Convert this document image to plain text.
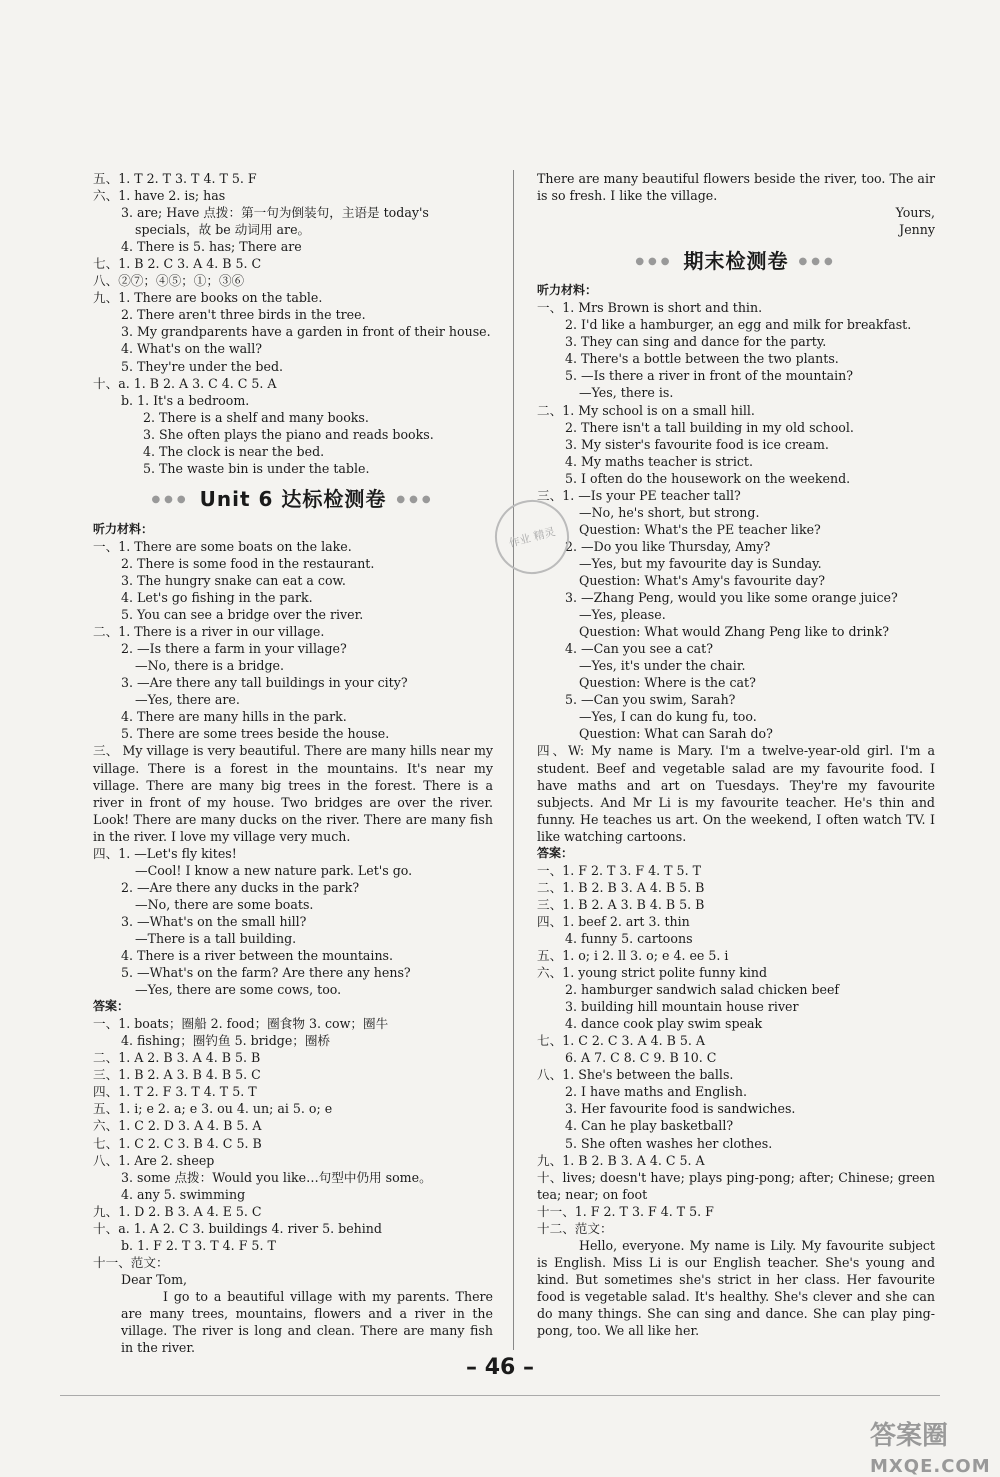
五、1. T 2. T 3. T 4. T 5. F
六、1. have 2. is; has
3. are; Have 点拨：第一句为倒装句，主语是 today's
specials，故 be 动词用 are。
4. There is 5. has; There are
七、1. B 2. C 3. A 4. B 5. C
八、②⑦；④⑤；①；③⑥
九、1. There are books on the table.
2. There aren't three birds in the tree.
3. My grandparents have a garden in front of their house.
4. What's on the wall?
5. They're under the bed.
十、a. 1. B 2. A 3. C 4. C 5. A
b. 1. It's a bedroom.
2. There is a shelf and many books.
3. She often plays the piano and reads books.
4. The clock is near the bed.
5. The waste bin is under the table.
●●● Unit 6 达标检测卷 ●●●
听力材料：
一、1. There are some boats on the lake.
2. There is some food in the restaurant.
3. The hungry snake can eat a cow.
4. Let's go fishing in the park.
5. You can see a bridge over the river.
二、1. There is a river in our village.
2. —Is there a farm in your village?
—No, there is a bridge.
3. —Are there any tall buildings in your city?
—Yes, there are.
4. There are many hills in the park.
5. There are some trees beside the house.
三、 My village is very beautiful. There are many hills near my village. There is a forest in the mountains. It's near my village. There are many big trees in the forest. There is a river in front of my house. Two bridges are over the river. Look! There are many ducks on the river. There are many fish in the river. I love my village very much.
四、1. —Let's fly kites!
—Cool! I know a new nature park. Let's go.
2. —Are there any ducks in the park?
—No, there are some boats.
3. —What's on the small hill?
—There is a tall building.
4. There is a river between the mountains.
5. —What's on the farm? Are there any hens?
—Yes, there are some cows, too.
答案：
一、1. boats；圈船 2. food；圈食物 3. cow；圈牛
4. fishing；圈钓鱼 5. bridge；圈桥
二、1. A 2. B 3. A 4. B 5. B
三、1. B 2. A 3. B 4. B 5. C
四、1. T 2. F 3. T 4. T 5. T
五、1. i; e 2. a; e 3. ou 4. un; ai 5. o; e
六、1. C 2. D 3. A 4. B 5. A
七、1. C 2. C 3. B 4. C 5. B
八、1. Are 2. sheep
3. some 点拨：Would you like…句型中仍用 some。
4. any 5. swimming
九、1. D 2. B 3. A 4. E 5. C
十、a. 1. A 2. C 3. buildings 4. river 5. behind
b. 1. F 2. T 3. T 4. F 5. T
十一、范文：
Dear Tom,
I go to a beautiful village with my parents. There are many trees, mountains, flowers and a river in the village. The river is long and clean. There are many fish in the river.
There are many beautiful flowers beside the river, too. The air is so fresh. I like the village.
Yours,
Jenny
●●● 期末检测卷 ●●●
听力材料：
一、1. Mrs Brown is short and thin.
2. I'd like a hamburger, an egg and milk for breakfast.
3. They can sing and dance for the party.
4. There's a bottle between the two plants.
5. —Is there a river in front of the mountain?
—Yes, there is.
二、1. My school is on a small hill.
2. There isn't a tall building in my old school.
3. My sister's favourite food is ice cream.
4. My maths teacher is strict.
5. I often do the housework on the weekend.
三、1. —Is your PE teacher tall?
—No, he's short, but strong.
Question: What's the PE teacher like?
2. —Do you like Thursday, Amy?
—Yes, but my favourite day is Sunday.
Question: What's Amy's favourite day?
3. —Zhang Peng, would you like some orange juice?
—Yes, please.
Question: What would Zhang Peng like to drink?
4. —Can you see a cat?
—Yes, it's under the chair.
Question: Where is the cat?
5. —Can you swim, Sarah?
—Yes, I can do kung fu, too.
Question: What can Sarah do?
四、W: My name is Mary. I'm a twelve-year-old girl. I'm a student. Beef and vegetable salad are my favourite food. I have maths and art on Tuesdays. They're my favourite subjects. And Mr Li is my favourite teacher. He's thin and funny. He teaches us art. On the weekend, I often watch TV. I like watching cartoons.
答案：
一、1. F 2. T 3. F 4. T 5. T
二、1. B 2. B 3. A 4. B 5. B
三、1. B 2. A 3. B 4. B 5. B
四、1. beef 2. art 3. thin
4. funny 5. cartoons
五、1. o; i 2. ll 3. o; e 4. ee 5. i
六、1. young strict polite funny kind
2. hamburger sandwich salad chicken beef
3. building hill mountain house river
4. dance cook play swim speak
七、1. C 2. C 3. A 4. B 5. A
6. A 7. C 8. C 9. B 10. C
八、1. She's between the balls.
2. I have maths and English.
3. Her favourite food is sandwiches.
4. Can he play basketball?
5. She often washes her clothes.
九、1. B 2. B 3. A 4. C 5. A
十、lives; doesn't have; plays ping-pong; after; Chinese; green tea; near; on foot
十一、1. F 2. T 3. F 4. T 5. F
十二、范文：
Hello, everyone. My name is Lily. My favourite subject is English. Miss Li is our English teacher. She's young and kind. But sometimes she's strict in her class. Her favourite food is vegetable salad. It's healthy. She's clever and she can do many things. She can sing and dance. She can play ping-pong, too. We all like her.
作业 精灵
– 46 –
答案圈
MXQE.COM
